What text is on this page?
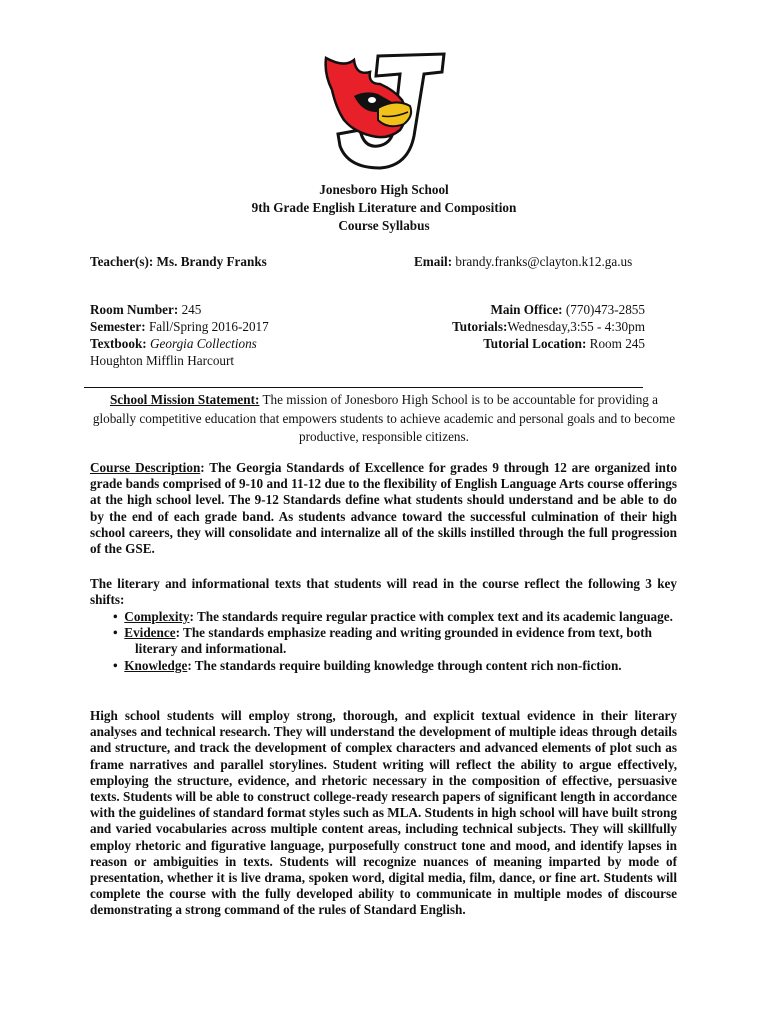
Jonesboro High School
9th Grade English Literature and Composition
Course Syllabus
Teacher(s): Ms. Brandy Franks	Email: brandy.franks@clayton.k12.ga.us
Room Number: 245	Main Office: (770)473-2855
Semester: Fall/Spring 2016-2017	Tutorials:Wednesday,3:55 - 4:30pm
Textbook: Georgia Collections	Tutorial Location: Room 245
Houghton Mifflin Harcourt
School Mission Statement: The mission of Jonesboro High School is to be accountable for providing a globally competitive education that empowers students to achieve academic and personal goals and to become productive, responsible citizens.
Course Description: The Georgia Standards of Excellence for grades 9 through 12 are organized into grade bands comprised of 9-10 and 11-12 due to the flexibility of English Language Arts course offerings at the high school level. The 9-12 Standards define what students should understand and be able to do by the end of each grade band. As students advance toward the successful culmination of their high school careers, they will consolidate and internalize all of the skills instilled through the full progression of the GSE.
The literary and informational texts that students will read in the course reflect the following 3 key shifts:
• Complexity: The standards require regular practice with complex text and its academic language.
• Evidence: The standards emphasize reading and writing grounded in evidence from text, both literary and informational.
• Knowledge: The standards require building knowledge through content rich non-fiction.
High school students will employ strong, thorough, and explicit textual evidence in their literary analyses and technical research. They will understand the development of multiple ideas through details and structure, and track the development of complex characters and advanced elements of plot such as frame narratives and parallel storylines. Student writing will reflect the ability to argue effectively, employing the structure, evidence, and rhetoric necessary in the composition of effective, persuasive texts. Students will be able to construct college-ready research papers of significant length in accordance with the guidelines of standard format styles such as MLA. Students in high school will have built strong and varied vocabularies across multiple content areas, including technical subjects. They will skillfully employ rhetoric and figurative language, purposefully construct tone and mood, and identify lapses in reason or ambiguities in texts. Students will recognize nuances of meaning imparted by mode of presentation, whether it is live drama, spoken word, digital media, film, dance, or fine art. Students will complete the course with the fully developed ability to communicate in multiple modes of discourse demonstrating a strong command of the rules of Standard English.
